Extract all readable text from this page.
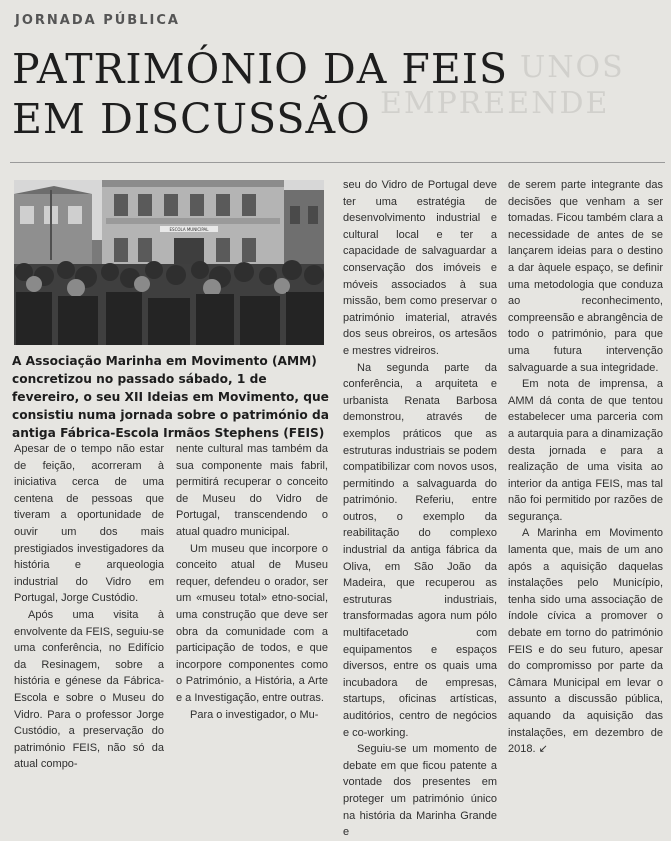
JORNADA PÚBLICA
UNOS
EMPREENDE
PATRIMÓNIO DA FEIS
EM DISCUSSÃO
ESCOLA MUNICIPAL
A Associação Marinha em Movimento (AMM) concretizou no passado sábado, 1 de fevereiro, o seu XII Ideias em Movimento, que consistiu numa jornada sobre o património da antiga Fábrica-Escola Irmãos Stephens (FEIS)

Apesar de o tempo não estar de feição, acorreram à iniciativa cerca de uma centena de pessoas que tiveram a oportunidade de ouvir um dos mais prestigiados investigadores da história e arqueologia industrial do Vidro em Portugal, Jorge Custódio.

Após uma visita à envolvente da FEIS, seguiu-se uma conferência, no Edifício da Resinagem, sobre a história e génese da Fábrica-Escola e sobre o Museu do Vidro. Para o professor Jorge Custódio, a preservação do património FEIS, não só da atual compo-

nente cultural mas também da sua componente mais fabril, permitirá recuperar o conceito de Museu do Vidro de Portugal, transcendendo o atual quadro municipal.

Um museu que incorpore o conceito atual de Museu requer, defendeu o orador, ser um «museu total» etno-social, uma construção que deve ser obra da comunidade com a participação de todos, e que incorpore componentes como o Património, a História, a Arte e a Investigação, entre outras.

Para o investigador, o Mu-

seu do Vidro de Portugal deve ter uma estratégia de desenvolvimento industrial e cultural local e ter a capacidade de salvaguardar a conservação dos imóveis e móveis associados à sua missão, bem como preservar o património imaterial, através dos seus obreiros, os artesãos e mestres vidreiros.

Na segunda parte da conferência, a arquiteta e urbanista Renata Barbosa demonstrou, através de exemplos práticos que as estruturas industriais se podem compatibilizar com novos usos, permitindo a salvaguarda do património. Referiu, entre outros, o exemplo da reabilitação do complexo industrial da antiga fábrica da Oliva, em São João da Madeira, que recuperou as estruturas industriais, transformadas agora num pólo multifacetado com equipamentos e espaços diversos, entre os quais uma incubadora de empresas, startups, oficinas artísticas, auditórios, centro de negócios e co-working.

Seguiu-se um momento de debate em que ficou patente a vontade dos presentes em proteger um património único na história da Marinha Grande e

de serem parte integrante das decisões que venham a ser tomadas. Ficou também clara a necessidade de antes de se lançarem ideias para o destino a dar àquele espaço, se definir uma metodologia que conduza ao reconhecimento, compreensão e abrangência de todo o património, para que uma futura intervenção salvaguarde a sua integridade.

Em nota de imprensa, a AMM dá conta de que tentou estabelecer uma parceria com a autarquia para a dinamização desta jornada e para a realização de uma visita ao interior da antiga FEIS, mas tal não foi permitido por razões de segurança.

A Marinha em Movimento lamenta que, mais de um ano após a aquisição daquelas instalações pelo Município, tenha sido uma associação de índole cívica a promover o debate em torno do património FEIS e do seu futuro, apesar do compromisso por parte da Câmara Municipal em levar o assunto a discussão pública, aquando da aquisição das instalações, em dezembro de 2018. ↙
